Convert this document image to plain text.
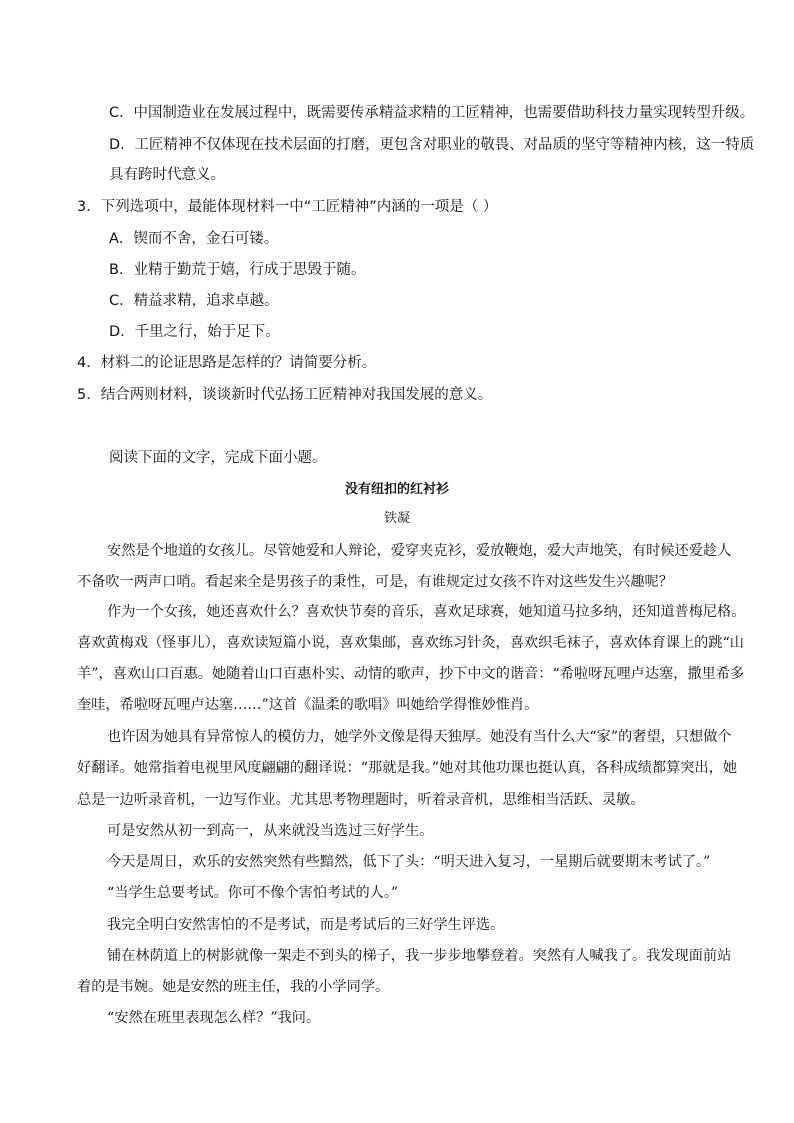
C．中国制造业在发展过程中，既需要传承精益求精的工匠精神，也需要借助科技力量实现转型升级。
D．工匠精神不仅体现在技术层面的打磨，更包含对职业的敬畏、对品质的坚守等精神内核，这一特质
具有跨时代意义。
3．下列选项中，最能体现材料一中“工匠精神”内涵的一项是（ ）
A．锲而不舍，金石可镂。
B．业精于勤荒于嬉，行成于思毁于随。
C．精益求精，追求卓越。
D．千里之行，始于足下。
4．材料二的论证思路是怎样的？请简要分析。
5．结合两则材料，谈谈新时代弘扬工匠精神对我国发展的意义。
阅读下面的文字，完成下面小题。
没有纽扣的红衬衫
铁凝
安然是个地道的女孩儿。尽管她爱和人辩论，爱穿夹克衫，爱放鞭炮，爱大声地笑，有时候还爱趁人
不备吹一两声口哨。看起来全是男孩子的秉性，可是，有谁规定过女孩不许对这些发生兴趣呢？
作为一个女孩，她还喜欢什么？喜欢快节奏的音乐，喜欢足球赛，她知道马拉多纳，还知道普梅尼格。
喜欢黄梅戏（怪事儿），喜欢读短篇小说，喜欢集邮，喜欢练习针灸，喜欢织毛袜子，喜欢体育课上的跳“山
羊”，喜欢山口百惠。她随着山口百惠朴实、动情的歌声，抄下中文的谐音：“希啦呀瓦哩卢达塞，撒里希多
奎哇，希啦呀瓦哩卢达塞……”这首《温柔的歌唱》叫她给学得惟妙惟肖。
也许因为她具有异常惊人的模仿力，她学外文像是得天独厚。她没有当什么大“家”的奢望，只想做个
好翻译。她常指着电视里风度翩翩的翻译说：“那就是我。”她对其他功课也挺认真，各科成绩都算突出，她
总是一边听录音机，一边写作业。尤其思考物理题时，听着录音机，思维相当活跃、灵敏。
可是安然从初一到高一，从来就没当选过三好学生。
今天是周日，欢乐的安然突然有些黯然，低下了头：“明天进入复习，一星期后就要期末考试了。”
“当学生总要考试。你可不像个害怕考试的人。”
我完全明白安然害怕的不是考试，而是考试后的三好学生评选。
铺在林荫道上的树影就像一架走不到头的梯子，我一步步地攀登着。突然有人喊我了。我发现面前站
着的是韦婉。她是安然的班主任，我的小学同学。
“安然在班里表现怎么样？”我问。
